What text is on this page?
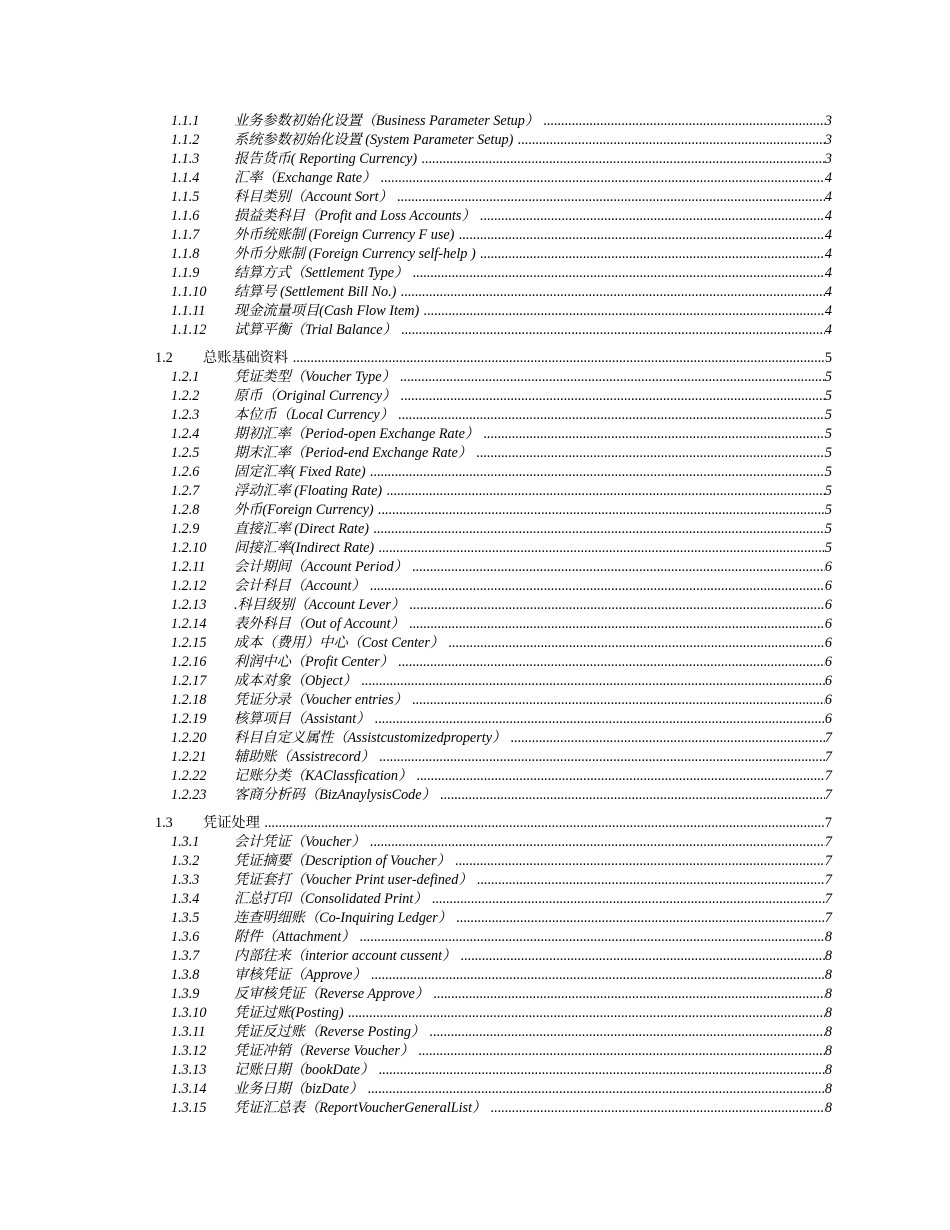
1.1.1 业务参数初始化设置（Business Parameter Setup） .....	3
1.1.2 系统参数初始化设置 (System Parameter Setup) .....	3
1.1.3 报告货币( Reporting Currency) .....	3
1.1.4 汇率（Exchange Rate） .....	4
1.1.5 科目类别（Account Sort） .....	4
1.1.6 损益类科目（Profit and Loss Accounts） .....	4
1.1.7 外币统账制 (Foreign Currency F use) .....	4
1.1.8 外币分账制 (Foreign Currency self-help ) .....	4
1.1.9 结算方式（Settlement Type） .....	4
1.1.10 结算号 (Settlement Bill No.) .....	4
1.1.11 现金流量项目(Cash Flow Item) .....	4
1.1.12 试算平衡（Trial Balance） .....	4
1.2 总账基础资料 .....	5
1.2.1 凭证类型（Voucher Type） .....	5
1.2.2 原币（Original Currency） .....	5
1.2.3 本位币（Local Currency） .....	5
1.2.4 期初汇率（Period-open Exchange Rate） .....	5
1.2.5 期末汇率（Period-end Exchange Rate） .....	5
1.2.6 固定汇率( Fixed Rate) .....	5
1.2.7 浮动汇率 (Floating Rate) .....	5
1.2.8 外币(Foreign Currency) .....	5
1.2.9 直接汇率 (Direct Rate) .....	5
1.2.10 间接汇率(Indirect Rate) .....	5
1.2.11 会计期间（Account Period） .....	6
1.2.12 会计科目（Account） .....	6
1.2.13 .科目级别（Account Lever） .....	6
1.2.14 表外科目（Out of Account） .....	6
1.2.15 成本（费用）中心（Cost Center） .....	6
1.2.16 利润中心（Profit Center） .....	6
1.2.17 成本对象（Object） .....	6
1.2.18 凭证分录（Voucher entries） .....	6
1.2.19 核算项目（Assistant） .....	6
1.2.20 科目自定义属性（Assistcustomizedproperty） .....	7
1.2.21 辅助账（Assistrecord） .....	7
1.2.22 记账分类（KAClassfication） .....	7
1.2.23 客商分析码（BizAnaylysisCode） .....	7
1.3 凭证处理 .....	7
1.3.1 会计凭证（Voucher） .....	7
1.3.2 凭证摘要（Description of Voucher） .....	7
1.3.3 凭证套打（Voucher Print user-defined） .....	7
1.3.4 汇总打印（Consolidated Print） .....	7
1.3.5 连查明细账（Co-Inquiring Ledger） .....	7
1.3.6 附件（Attachment） .....	8
1.3.7 内部往来（interior account cussent） .....	8
1.3.8 审核凭证（Approve） .....	8
1.3.9 反审核凭证（Reverse Approve） .....	8
1.3.10 凭证过账(Posting) .....	8
1.3.11 凭证反过账（Reverse Posting） .....	8
1.3.12 凭证冲销（Reverse Voucher） .....	8
1.3.13 记账日期（bookDate） .....	8
1.3.14 业务日期（bizDate） .....	8
1.3.15 凭证汇总表（ReportVoucherGeneralList） .....	8
